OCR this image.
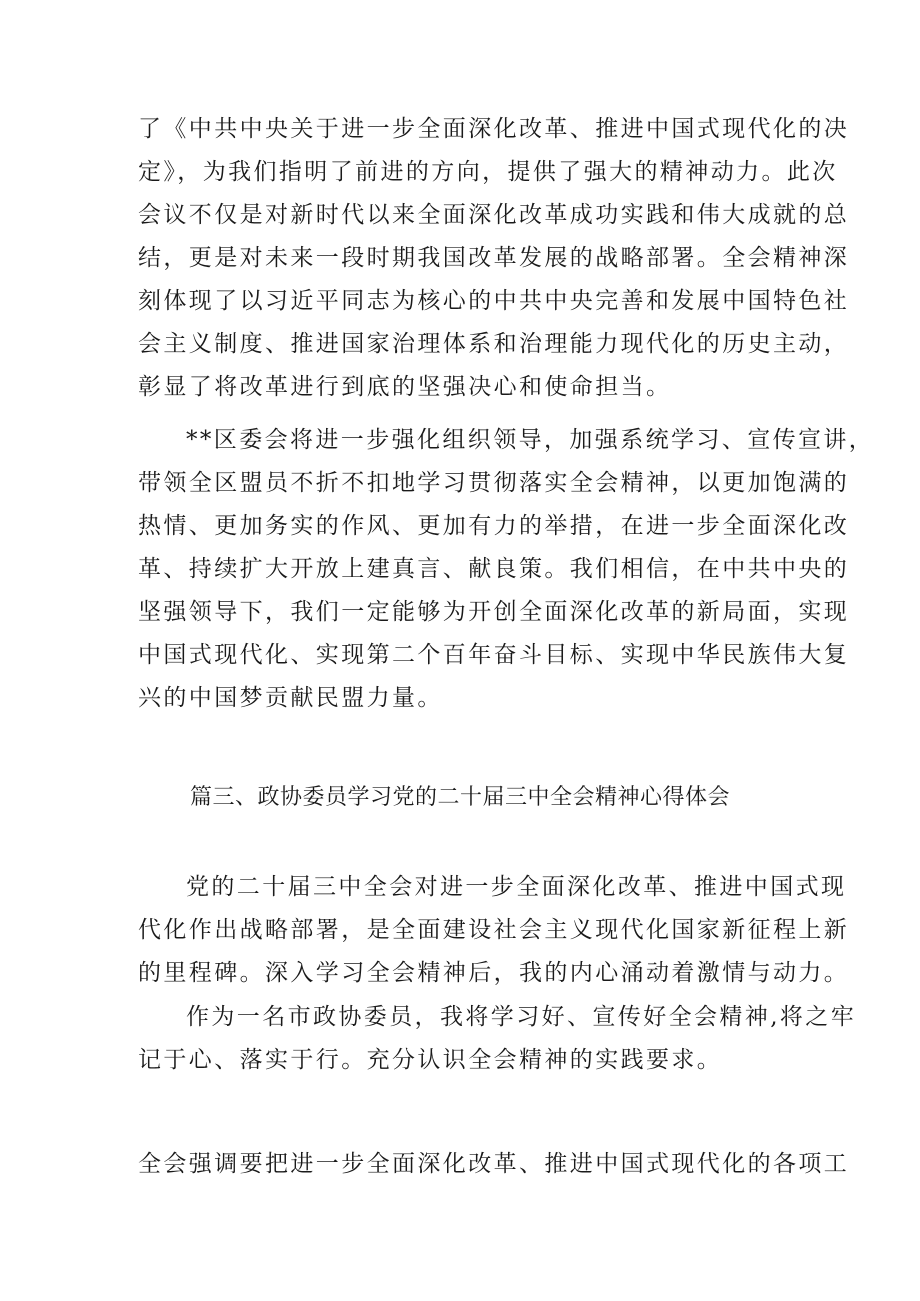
了《中共中央关于进一步全面深化改革、推进中国式现代化的决
定》，为我们指明了前进的方向，提供了强大的精神动力。此次
会议不仅是对新时代以来全面深化改革成功实践和伟大成就的总
结，更是对未来一段时期我国改革发展的战略部署。全会精神深
刻体现了以习近平同志为核心的中共中央完善和发展中国特色社
会主义制度、推进国家治理体系和治理能力现代化的历史主动，
彰显了将改革进行到底的坚强决心和使命担当。
**区委会将进一步强化组织领导，加强系统学习、宣传宣讲，
带领全区盟员不折不扣地学习贯彻落实全会精神，以更加饱满的
热情、更加务实的作风、更加有力的举措，在进一步全面深化改
革、持续扩大开放上建真言、献良策。我们相信，在中共中央的
坚强领导下，我们一定能够为开创全面深化改革的新局面，实现
中国式现代化、实现第二个百年奋斗目标、实现中华民族伟大复
兴的中国梦贡献民盟力量。
篇三、政协委员学习党的二十届三中全会精神心得体会
党的二十届三中全会对进一步全面深化改革、推进中国式现
代化作出战略部署，是全面建设社会主义现代化国家新征程上新
的里程碑。深入学习全会精神后，我的内心涌动着激情与动力。
作为一名市政协委员，我将学习好、宣传好全会精神,将之牢
记于心、落实于行。充分认识全会精神的实践要求。
全会强调要把进一步全面深化改革、推进中国式现代化的各项工
